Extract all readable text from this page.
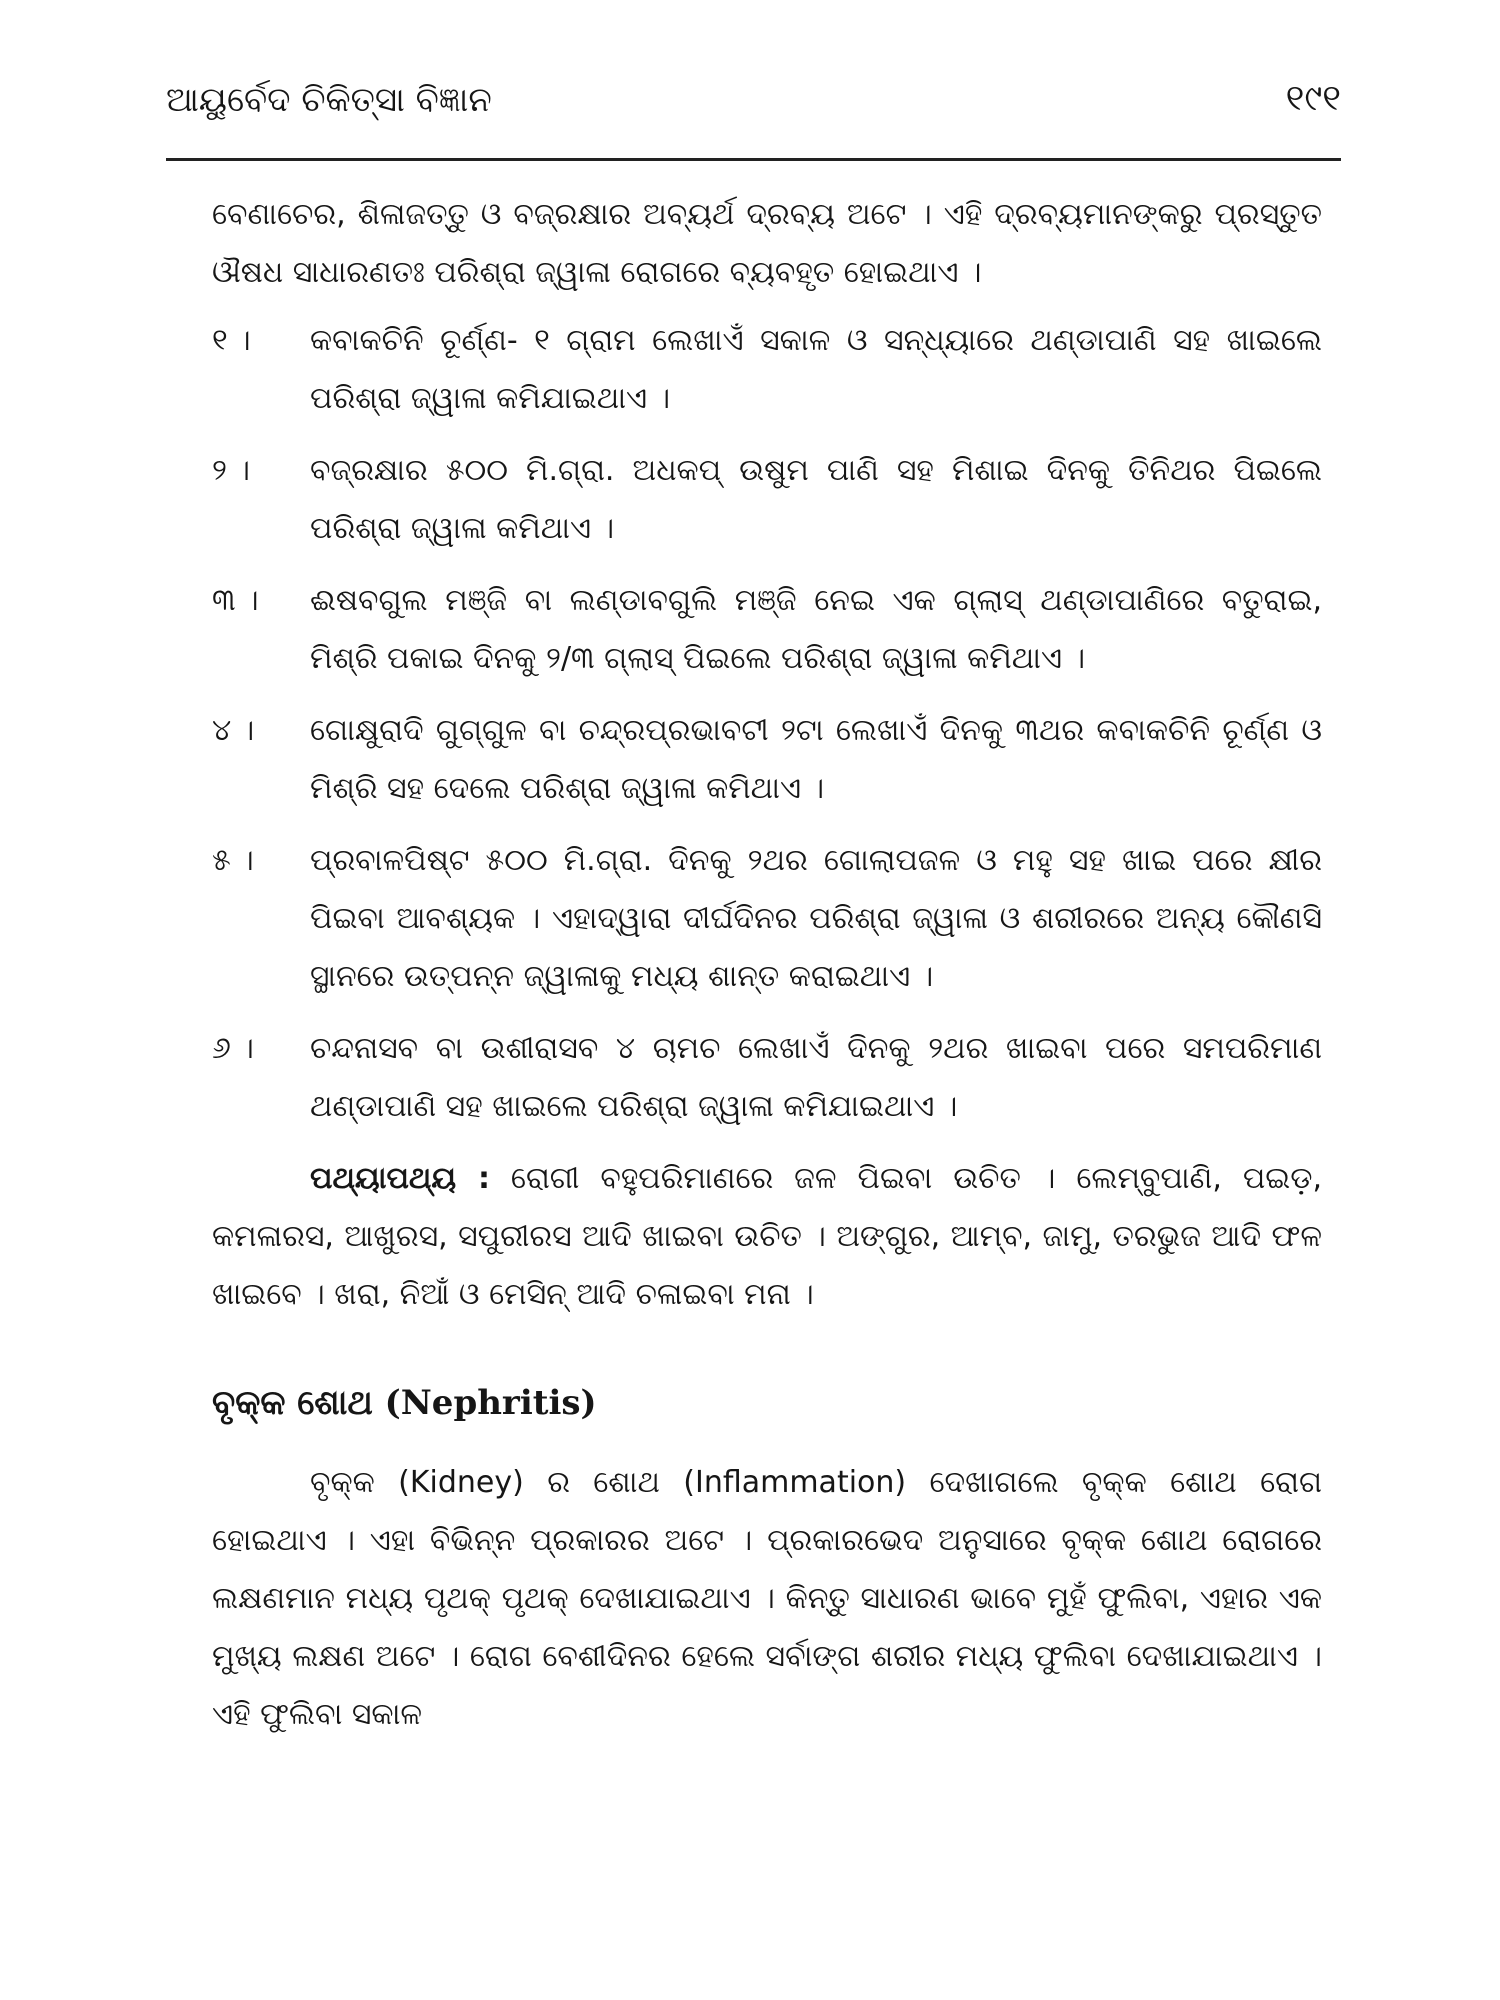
ଆୟୁର୍ବେଦ ଚିକିତ୍ସା ବିଜ୍ଞାନ	୧୯୧

ବେଣାଚେର, ଶିଳାଜତ୍ତୁ ଓ ବଜ୍ରକ୍ଷାର ଅବ୍ୟର୍ଥ ଦ୍ରବ୍ୟ ଅଟେ । ଏହି ଦ୍ରବ୍ୟମାନଙ୍କରୁ ପ୍ରସ୍ତୁତ ଔଷଧ ସାଧାରଣତଃ ପରିଶ୍ରା ଜ୍ୱାଳା ରୋଗରେ ବ୍ୟବହୃତ ହୋଇଥାଏ ।

୧ ।	କବାକଚିନି ଚୂର୍ଣ୍ଣ- ୧ ଗ୍ରାମ ଲେଖାଏଁ ସକାଳ ଓ ସନ୍ଧ୍ୟାରେ ଥଣ୍ଡାପାଣି ସହ ଖାଇଲେ ପରିଶ୍ରା ଜ୍ୱାଳା କମିଯାଇଥାଏ ।

୨ ।	ବଜ୍ରକ୍ଷାର ୫୦୦ ମି.ଗ୍ରା. ଅଧକପ୍ ଉଷୁମ ପାଣି ସହ ମିଶାଇ ଦିନକୁ ତିନିଥର ପିଇଲେ ପରିଶ୍ରା ଜ୍ୱାଳା କମିଥାଏ ।

୩ ।	ଈଷବଗୁଲ ମଞ୍ଜି ବା ଲଣ୍ଡାବଗୁଲି ମଞ୍ଜି ନେଇ ଏକ ଗ୍ଲାସ୍ ଥଣ୍ଡାପାଣିରେ ବତୁରାଇ, ମିଶ୍ରି ପକାଇ ଦିନକୁ ୨/୩ ଗ୍ଲାସ୍ ପିଇଲେ ପରିଶ୍ରା ଜ୍ୱାଳା କମିଥାଏ ।

୪ ।	ଗୋକ୍ଷୁରାଦି ଗୁଗ୍‌ଗୁଳ ବା ଚନ୍ଦ୍ରପ୍ରଭାବଟୀ ୨ଟା ଲେଖାଏଁ ଦିନକୁ ୩ଥର କବାକଚିନି ଚୂର୍ଣ୍ଣ ଓ ମିଶ୍ରି ସହ ଦେଲେ ପରିଶ୍ରା ଜ୍ୱାଳା କମିଥାଏ ।

୫ ।	ପ୍ରବାଳପିଷ୍ଟ ୫୦୦ ମି.ଗ୍ରା. ଦିନକୁ ୨ଥର ଗୋଲାପଜଳ ଓ ମହୁ ସହ ଖାଇ ପରେ କ୍ଷୀର ପିଇବା ଆବଶ୍ୟକ । ଏହାଦ୍ୱାରା ଦୀର୍ଘଦିନର ପରିଶ୍ରା ଜ୍ୱାଳା ଓ ଶରୀରରେ ଅନ୍ୟ କୌଣସି ସ୍ଥାନରେ ଉତ୍ପନ୍ନ ଜ୍ୱାଳାକୁ ମଧ୍ୟ ଶାନ୍ତ କରାଇଥାଏ ।

୬ ।	ଚନ୍ଦନାସବ ବା ଉଶୀରାସବ ୪ ଚାମଚ ଲେଖାଏଁ ଦିନକୁ ୨ଥର ଖାଇବା ପରେ ସମପରିମାଣ ଥଣ୍ଡାପାଣି ସହ ଖାଇଲେ ପରିଶ୍ରା ଜ୍ୱାଳା କମିଯାଇଥାଏ ।

ପଥ୍ୟାପଥ୍ୟ : ରୋଗୀ ବହୁପରିମାଣରେ ଜଳ ପିଇବା ଉଚିତ । ଲେମ୍ବୁପାଣି, ପଇଡ଼, କମଳାରସ, ଆଖୁରସ, ସପୁରୀରସ ଆଦି ଖାଇବା ଉଚିତ । ଅଙ୍ଗୁର, ଆମ୍ବ, ଜାମୁ, ତରଭୁଜ ଆଦି ଫଳ ଖାଇବେ । ଖରା, ନିଆଁ ଓ ମେସିନ୍ ଆଦି ଚଳାଇବା ମନା ।

ବୃକ୍କ ଶୋଥ (Nephritis)

ବୃକ୍କ (Kidney) ର ଶୋଥ (Inflammation) ଦେଖାଗଲେ ବୃକ୍କ ଶୋଥ ରୋଗ ହୋଇଥାଏ । ଏହା ବିଭିନ୍ନ ପ୍ରକାରର ଅଟେ । ପ୍ରକାରଭେଦ ଅନୁସାରେ ବୃକ୍କ ଶୋଥ ରୋଗରେ ଲକ୍ଷଣମାନ ମଧ୍ୟ ପୃଥକ୍ ପୃଥକ୍ ଦେଖାଯାଇଥାଏ । କିନ୍ତୁ ସାଧାରଣ ଭାବେ ମୁହଁ ଫୁଲିବା, ଏହାର ଏକ ମୁଖ୍ୟ ଲକ୍ଷଣ ଅଟେ । ରୋଗ ବେଶୀଦିନର ହେଲେ ସର୍ବାଙ୍ଗ ଶରୀର ମଧ୍ୟ ଫୁଲିବା ଦେଖାଯାଇଥାଏ । ଏହି ଫୁଲିବା ସକାଳ
